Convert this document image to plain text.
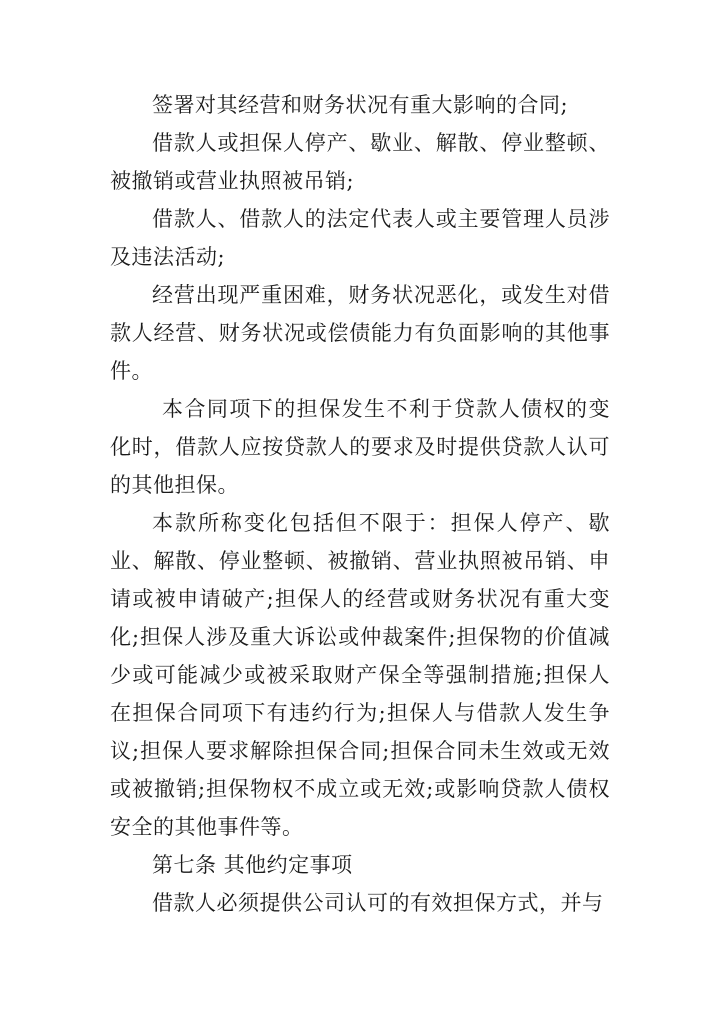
签署对其经营和财务状况有重大影响的合同;

借款人或担保人停产、歇业、解散、停业整顿、被撤销或营业执照被吊销;

借款人、借款人的法定代表人或主要管理人员涉及违法活动;

经营出现严重困难，财务状况恶化，或发生对借款人经营、财务状况或偿债能力有负面影响的其他事件。

本合同项下的担保发生不利于贷款人债权的变化时，借款人应按贷款人的要求及时提供贷款人认可的其他担保。

本款所称变化包括但不限于：担保人停产、歇业、解散、停业整顿、被撤销、营业执照被吊销、申请或被申请破产;担保人的经营或财务状况有重大变化;担保人涉及重大诉讼或仲裁案件;担保物的价值减少或可能减少或被采取财产保全等强制措施;担保人在担保合同项下有违约行为;担保人与借款人发生争议;担保人要求解除担保合同;担保合同未生效或无效或被撤销;担保物权不成立或无效;或影响贷款人债权安全的其他事件等。

第七条 其他约定事项

借款人必须提供公司认可的有效担保方式，并与
